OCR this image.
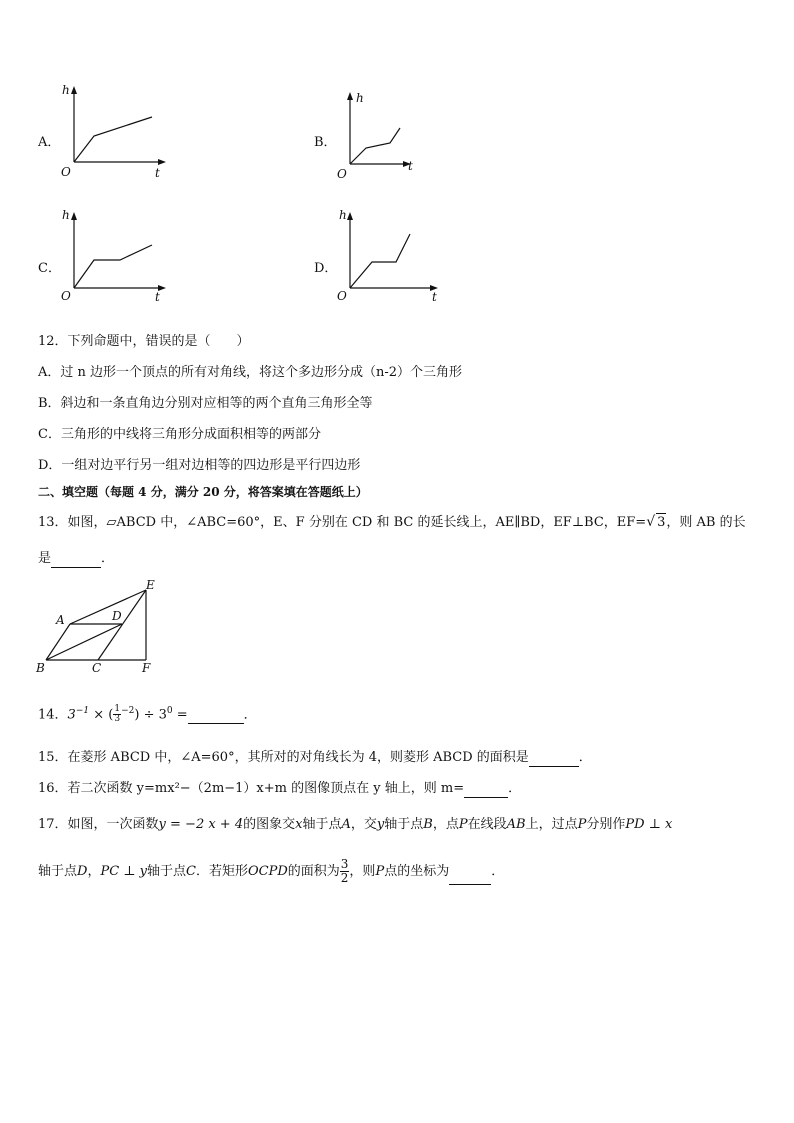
A．
h
t
O
B．
h
t
O
C．
h
t
O
D．
h
t
O
12．下列命题中，错误的是（　　）
A．过 n 边形一个顶点的所有对角线，将这个多边形分成（n-2）个三角形
B．斜边和一条直角边分别对应相等的两个直角三角形全等
C．三角形的中线将三角形分成面积相等的两部分
D．一组对边平行另一组对边相等的四边形是平行四边形
二、填空题（每题 4 分，满分 20 分，将答案填在答题纸上）
13．如图，▱ABCD 中，∠ABC=60°，E、F 分别在 CD 和 BC 的延长线上，AE∥BD，EF⊥BC，EF=√ 3，则 AB 的长
是	．
A
B	C
D
E
F
14．$3^{-1}$ × ( $\frac{1}{3} ^{-2}) \div 3^0$ =	．
15．在菱形 ABCD 中，∠A=60°，其所对的对角线长为 4，则菱形 ABCD 的面积是	．
16．若二次函数 y=mx²−（2m−1）x+m 的图像顶点在 y 轴上，则 m=	．
17．如图，一次函数y = −2 x + 4的图象交x轴于点A，交y轴于点B，点P在线段AB上，过点P分别作PD ⊥ x
轴于点D，PC ⊥ y轴于点C．若矩形OCPD的面积为 $\frac{3}{2}$ ，则P点的坐标为	．
